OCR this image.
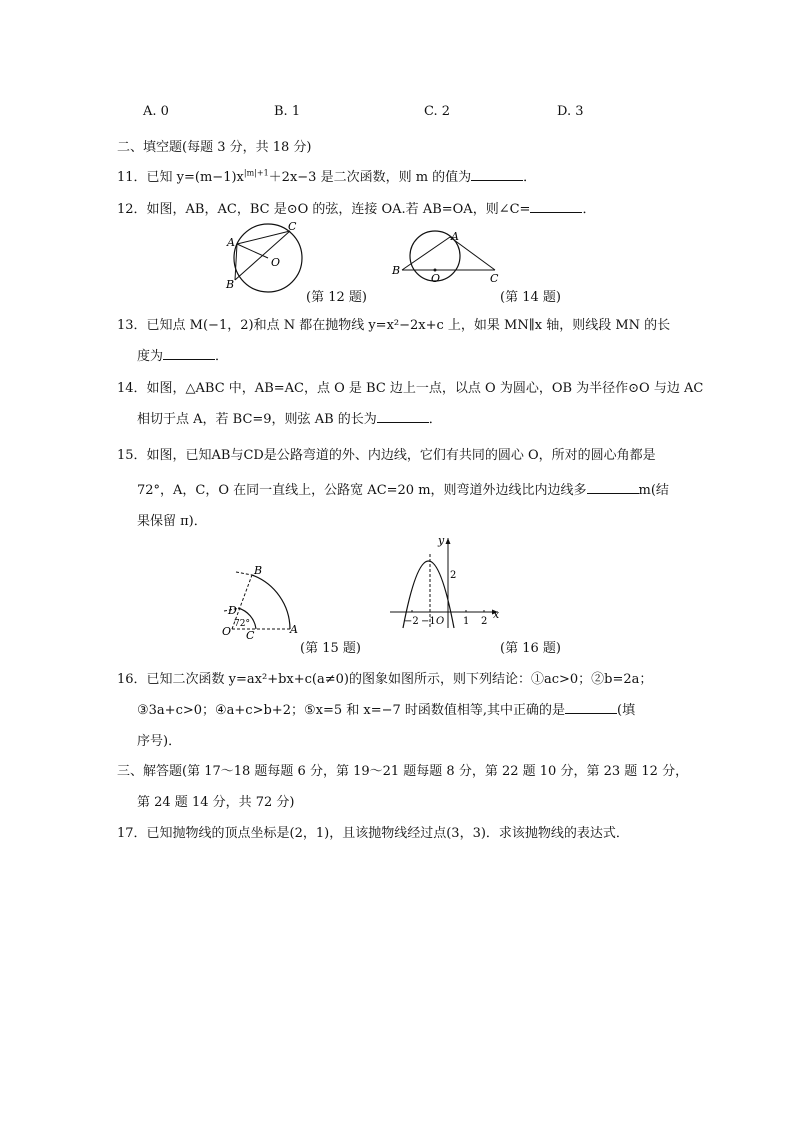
A. 0	B. 1	C. 2	D. 3
二、填空题(每题 3 分，共 18 分)
11．已知 $y=(m-1)x^{|m|+1}+2x-3$ 是二次函数，则 m 的值为	．
12．如图，AB，AC，BC 是⊙O 的弦，连接 OA.若 AB=OA，则∠C=	．
A
B
C
O
(第 12 题)
B
A
C
O
(第 14 题)
13．已知点 M(−1，2)和点 N 都在抛物线 y=x²−2x+c 上，如果 MN∥x 轴，则线段 MN 的长
度为	．
14．如图，△ABC 中，AB=AC，点 O 是 BC 边上一点，以点 O 为圆心，OB 为半径作⊙O 与边 AC
相切于点 A，若 BC=9，则弦 AB 的长为	．
15．如图，已知AB与CD是公路弯道的外、内边线，它们有共同的圆心 O，所对的圆心角都是
72°，A，C，O 在同一直线上，公路宽 AC=20 m，则弯道外边线比内边线多	m(结
果保留 π)．
B
D
O C	A
72°
(第 15 题)
y
x
−2 −1 O 1 2
2
(第 16 题)
16．已知二次函数 y=ax²+bx+c(a≠0)的图象如图所示，则下列结论：①ac>0；②b=2a；
③3a+c>0；④a+c>b+2；⑤x=5 和 x=−7 时函数值相等,其中正确的是	(填
序号)．
三、解答题(第 17～18 题每题 6 分，第 19～21 题每题 8 分，第 22 题 10 分，第 23 题 12 分，
第 24 题 14 分，共 72 分)
17．已知抛物线的顶点坐标是(2，1)，且该抛物线经过点(3，3)．求该抛物线的表达式．
